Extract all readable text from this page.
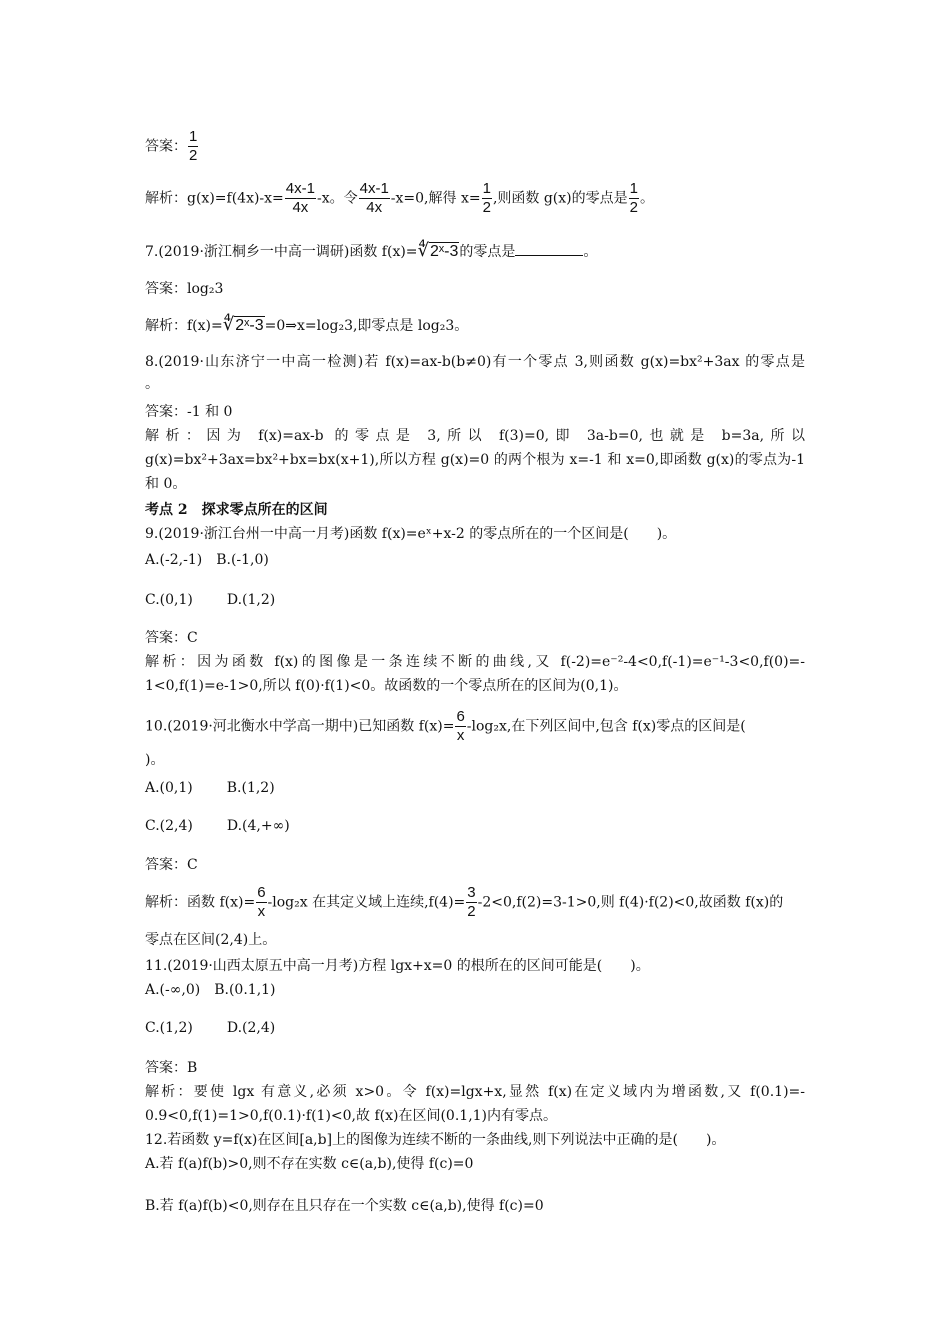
答案： $\frac{1}{2}$
解析：$g(x)=f(4x)-x= \frac{4x-1}{4x} -x$。令 $\frac{4x-1}{4x} -x=0$,解得 $x= \frac{1}{2}$ ,则函数 g(x)的零点是 $\frac{1}{2}$ 。
7.(2019·浙江桐乡一中高一调研)函数 f(x)=∜2ˣ-3的零点是	。
答案：log₂3
解析：f(x)=∜2ˣ-3=0⇒x=log₂3,即零点是 log₂3。
8.(2019·山东济宁一中高一检测)若 f(x)=ax-b(b≠0)有一个零点 3,则函数 g(x)=bx²+3ax 的零点是
。
答案：-1 和 0
解析：因为 f(x)=ax-b 的零点是 3,所以 f(3)=0,即 3a-b=0,也就是 b=3a,所以
g(x)=bx²+3ax=bx²+bx=bx(x+1),所以方程 g(x)=0 的两个根为 x=-1 和 x=0,即函数 g(x)的零点为-1
和 0。
考点 2　探求零点所在的区间
9.(2019·浙江台州一中高一月考)函数 f(x)=eˣ+x-2 的零点所在的一个区间是(　　)。
A.(-2,-1)　 B.(-1,0)
C.(0,1) D.(1,2)
答案：C
解析：因为函数 f(x)的图像是一条连续不断的曲线,又 f(-2)=e⁻²-4<0,f(-1)=e⁻¹-3<0,f(0)=-
1<0,f(1)=e-1>0,所以 f(0)·f(1)<0。故函数的一个零点所在的区间为(0,1)。
10.(2019·河北衡水中学高一期中)已知函数 $f(x)= \frac{6}{x} -\log_2x$,在下列区间中,包含 f(x)零点的区间是(
)。
A.(0,1) B.(1,2)
C.(2,4) D.(4,+∞)
答案：C
解析：函数 $f(x)= \frac{6}{x} -\log_2x$ 在其定义域上连续$,f(4)= \frac{3}{2} -2<0,f(2)=3-1>0$,则 f(4)·f(2)<0,故函数 f(x)的
零点在区间(2,4)上。
11.(2019·山西太原五中高一月考)方程 lgx+x=0 的根所在的区间可能是(　　)。
A.(-∞,0)　 B.(0.1,1)
C.(1,2) D.(2,4)
答案：B
解析：要使 lgx 有意义,必须 x>0。令 f(x)=lgx+x,显然 f(x)在定义域内为增函数,又 f(0.1)=-
0.9<0,f(1)=1>0,f(0.1)·f(1)<0,故 f(x)在区间(0.1,1)内有零点。
12.若函数 y=f(x)在区间[a,b]上的图像为连续不断的一条曲线,则下列说法中正确的是(　　)。
A.若 f(a)f(b)>0,则不存在实数 c∈(a,b),使得 f(c)=0
B.若 f(a)f(b)<0,则存在且只存在一个实数 c∈(a,b),使得 f(c)=0
